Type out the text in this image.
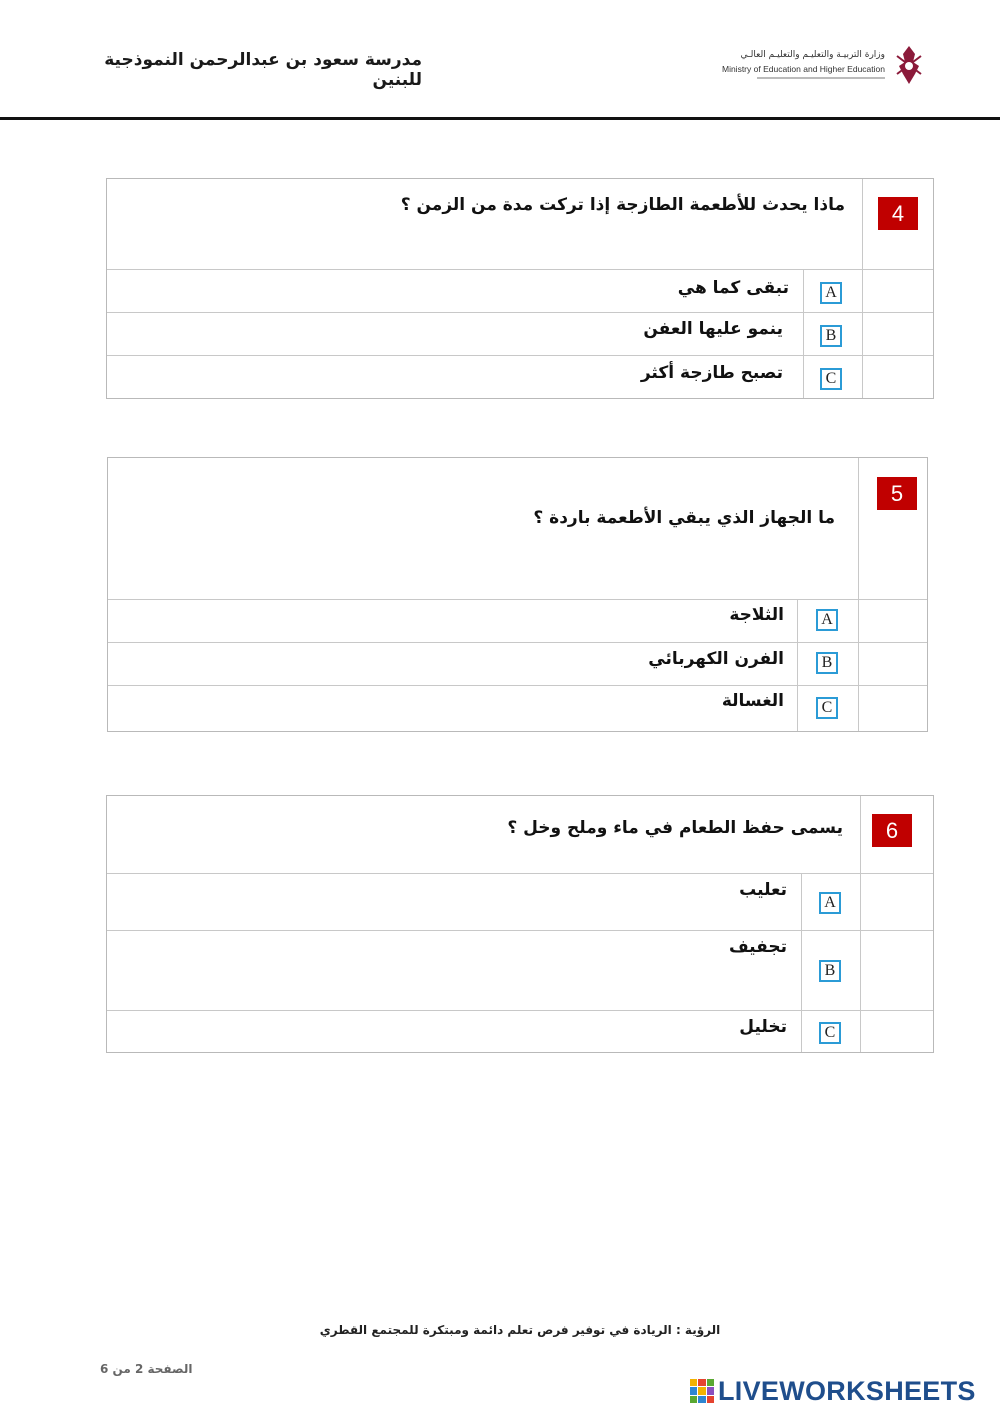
مدرسة سعود بن عبدالرحمن النموذجية للبنين
وزارة التربيـة والتعليـم والتعليـم العالـي
Ministry of Education and Higher Education
4
ماذا يحدث للأطعمة الطازجة إذا تركت مدة من الزمن ؟
A
تبقى كما هي
B
ينمو عليها العفن
C
تصبح طازجة أكثر
5
ما الجهاز الذي يبقي الأطعمة باردة ؟
A
الثلاجة
B
الفرن الكهربائي
C
الغسالة
6
يسمى حفظ الطعام في ماء وملح وخل ؟
A
تعليب
B
تجفيف
C
تخليل
الرؤية : الريادة في توفير فرص تعلم دائمة ومبتكرة للمجتمع القطري
الصفحة 2 من 6
LIVEWORKSHEETS
